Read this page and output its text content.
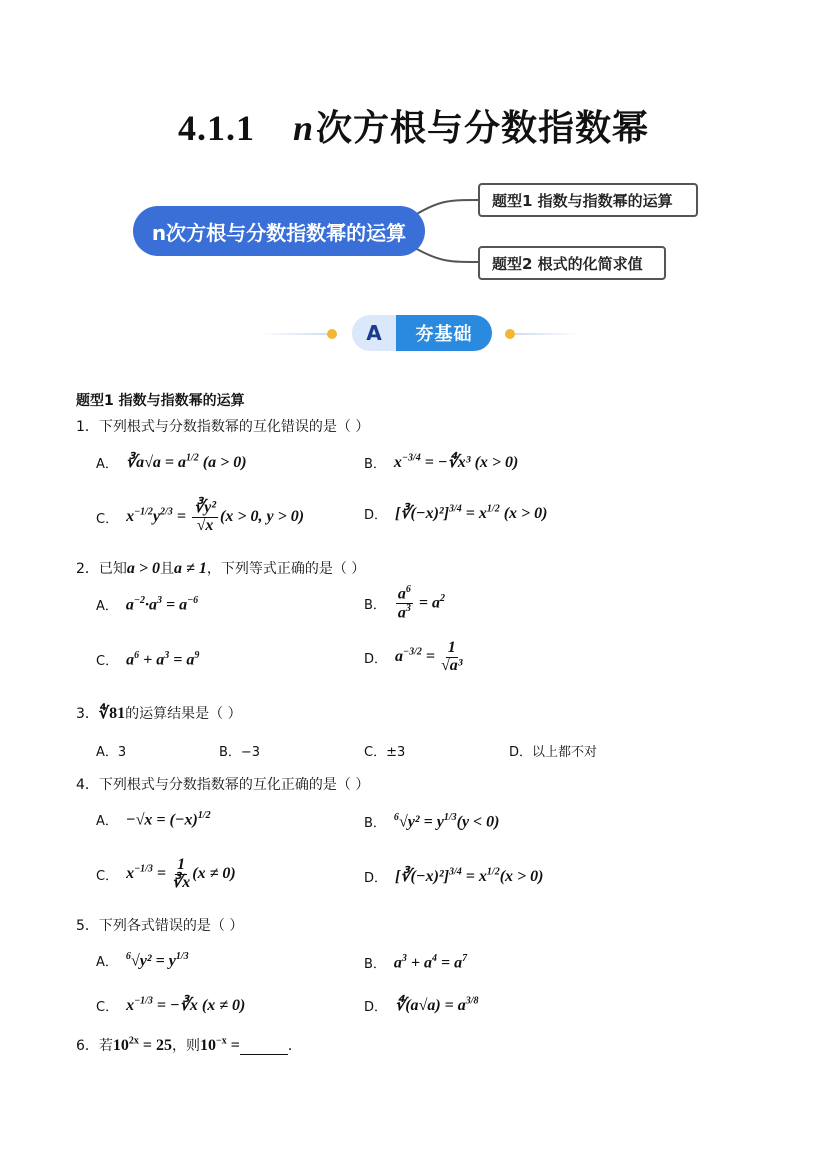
4.1.1 n次方根与分数指数幂
n次方根与分数指数幂的运算
题型1 指数与指数幂的运算
题型2 根式的化简求值
A	夯基础
题型1 指数与指数幂的运算
1．下列根式与分数指数幂的互化错误的是（ ）
A． ∛a√a = $a^{1/2}$ (a > 0)	B． $x^{-3/4}$ = −∜x³ (x > 0)
C． $x^{-1/2}y^{2/3} = \frac{\text{∛y²}}{√x} (x > 0$, y > 0)	D． [∛(−x)²]$^{3/4}$ = $x^{1/2}$ (x > 0)
2．已知a > 0且a ≠ 1，下列等式正确的是（ ）
A． $a^{-2}\cdot a^3 = a^{-6}$	B． $\frac{a^6}{a^3} = a^2$
C． $a^6 + a^3 = a^9$	D． $a^{-3/2} = \frac{1}{\text{√a³}}$
3．∜81的运算结果是（ ）
A．3	B．−3	C．±3	D．以上都不对
4．下列根式与分数指数幂的互化正确的是（ ）
A． $-√x = (-x)^{1/2}$
B． $^6√y^2 = y^{1/3}(y < 0)$
C． $x^{-1/3} = \frac{1}{∛x} (x \ne 0)$	D． [∛(−x)²]$^{3/4}$ = $x^{1/2}(x > 0)$
5．下列各式错误的是（ ）
A． $^6√y^2 = y^{1/3}$
B． $a^3 + a^4 = a^7$
C． $x^{-1/3}$ = −∛x (x ≠ 0)	D． ∜(a√a) = $a^{3/8}$
6．若$10^{2x} = 25$，则$10^{-x}$ =	．
